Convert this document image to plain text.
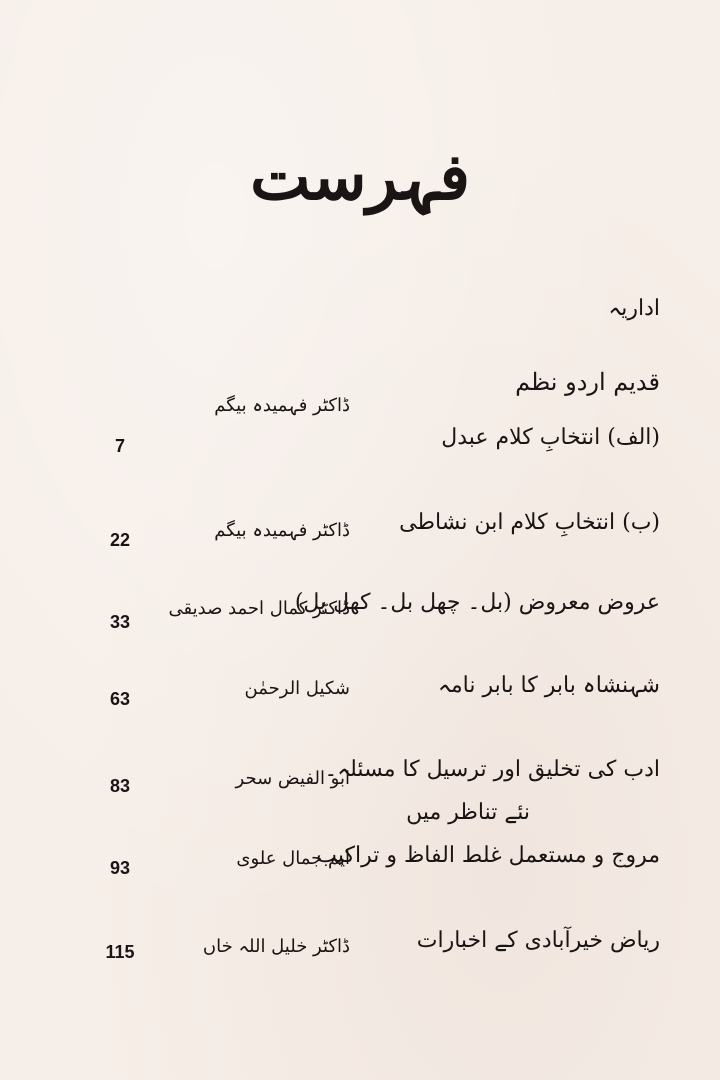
فہرست
اداریہ
قدیم اردو نظم
ڈاکٹر فہمیدہ بیگم
(الف) انتخابِ کلام عبدل
7
(ب) انتخابِ کلام ابن نشاطی
ڈاکٹر فہمیدہ بیگم
22
عروض معروض (بل۔ چھل بل۔ کھل بل)
ڈاکٹر کمال احمد صدیقی
33
شہنشاہ بابر کا بابر نامہ
شکیل الرحمٰن
63
ادب کی تخلیق اور ترسیل کا مسئلہ۔
ابو الفیض سحر
83
نئے تناظر میں
مروج و مستعمل غلط الفاظ و تراکیب
ایم جمال علوی
93
ریاض خیرآبادی کے اخبارات
ڈاکٹر خلیل اللہ خاں
115
